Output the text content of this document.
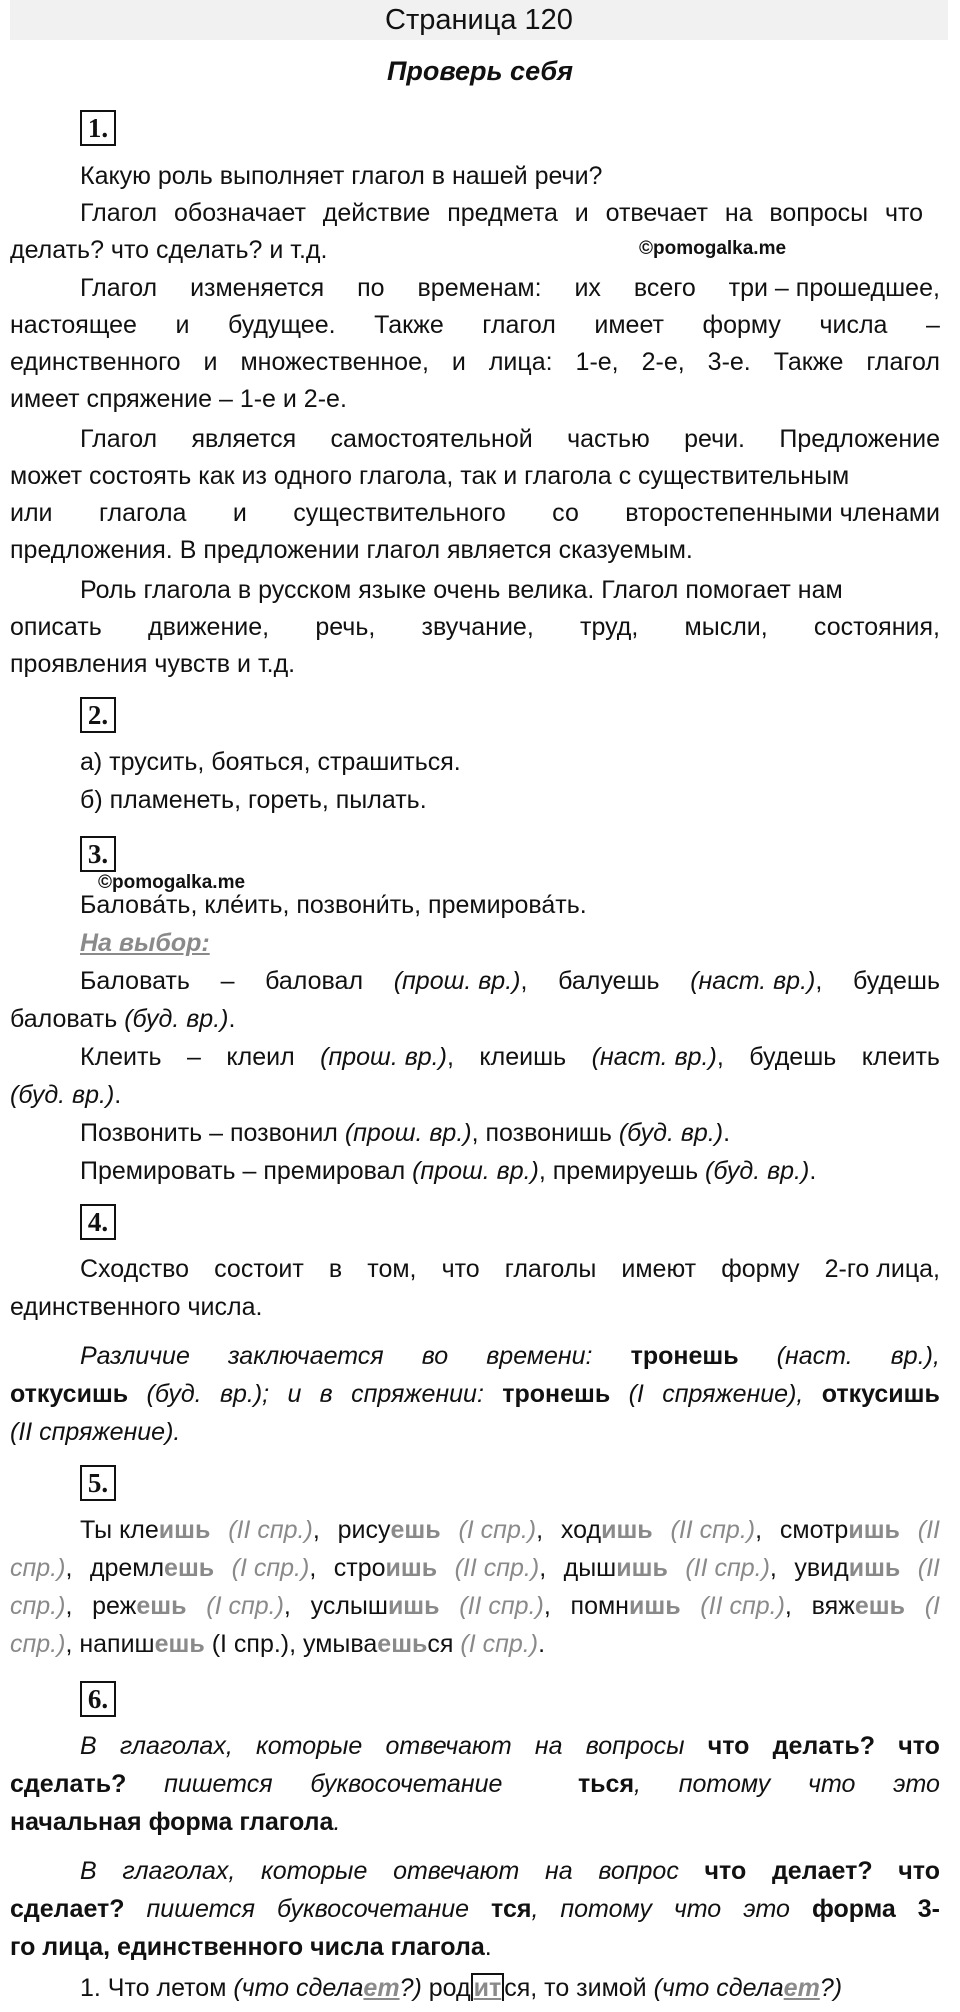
Страница 120
Проверь себя
1.
Какую роль выполняет глагол в нашей речи?
Глагол обозначает действие предмета и отвечает на вопросы что
делать? что сделать? и т.д.	©pomogalka.me
Глагол изменяется по временам: их всего три – прошедшее,
настоящее и будущее. Также глагол имеет форму числа –
единственного и множественное, и лица: 1-е, 2-е, 3-е. Также глагол
имеет спряжение – 1-е и 2-е.
Глагол является самостоятельной частью речи. Предложение
может состоять как из одного глагола, так и глагола с существительным
или глагола и существительного со второстепенными членами
предложения. В предложении глагол является сказуемым.
Роль глагола в русском языке очень велика. Глагол помогает нам
описать движение, речь, звучание, труд, мысли, состояния,
проявления чувств и т.д.
2.
а) трусить, бояться, страшиться.
б) пламенеть, гореть, пылать.
3.
©pomogalka.me
Балова́ть, кле́ить, позвони́ть, премирова́ть.
На выбор:
Баловать – баловал (прош. вр.), балуешь (наст. вр.), будешь
баловать (буд. вр.).
Клеить – клеил (прош. вр.), клеишь (наст. вр.), будешь клеить
(буд. вр.).
Позвонить – позвонил (прош. вр.), позвонишь (буд. вр.).
Премировать – премировал (прош. вр.), премируешь (буд. вр.).
4.
Сходство состоит в том, что глаголы имеют форму 2-го лица,
единственного числа.
Различие заключается во времени: тронешь (наст. вр.),
откусишь (буд. вр.); и в спряжении: тронешь (I спряжение), откусишь
(II спряжение).
5.
Ты клеишь (II спр.), рисуешь (I спр.), ходишь (II спр.), смотришь (II
спр.), дремлешь (I спр.), строишь (II спр.), дышишь (II спр.), увидишь (II
спр.), режешь (I спр.), услышишь (II спр.), помнишь (II спр.), вяжешь (I
спр.), напишешь (I спр.), умываешься (I спр.).
6.
В глаголах, которые отвечают на вопросы что делать? что
сделать? пишется буквосочетание	ться, потому что это
начальная форма глагола.
В глаголах, которые отвечают на вопрос что делает? что
сделает? пишется буквосочетание тся, потому что это форма 3-
го лица, единственного числа глагола.
1. Что летом (что сделает?) род ит ся, то зимой (что сделает?)
